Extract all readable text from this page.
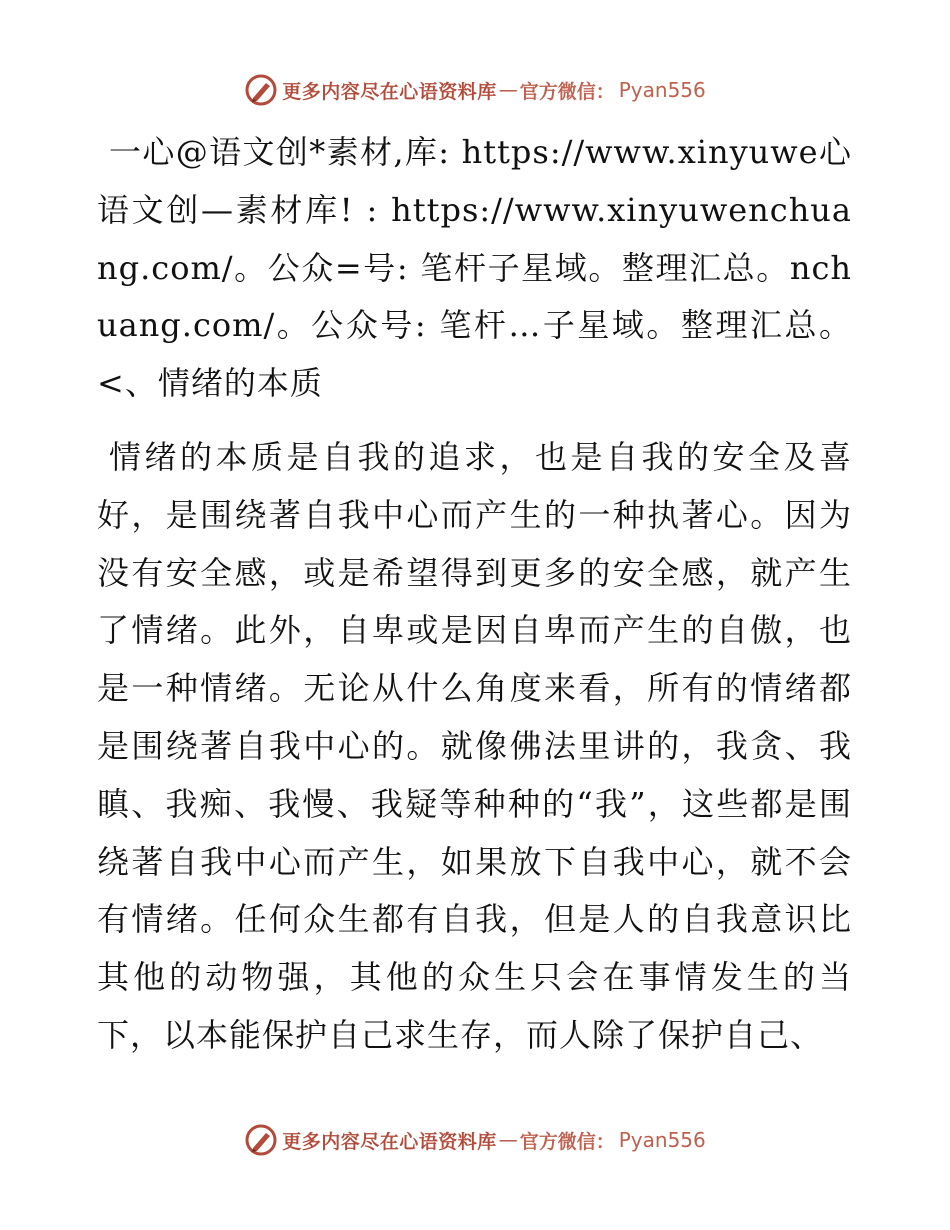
更多内容尽在心语资料库 — 官方微信： Pyan556

一心@语文创*素材,库: https://www.xinyuwe心语文创—素材库! : https://www.xinyuwenchuang.com/。公众=号: 笔杆子星域。整理汇总。nchuang.com/。公众号: 笔杆…子星域。整理汇总。<、情绪的本质

情绪的本质是自我的追求，也是自我的安全及喜好，是围绕著自我中心而产生的一种执著心。因为没有安全感，或是希望得到更多的安全感，就产生了情绪。此外，自卑或是因自卑而产生的自傲，也是一种情绪。无论从什么角度来看，所有的情绪都是围绕著自我中心的。就像佛法里讲的，我贪、我瞋、我痴、我慢、我疑等种种的“我”，这些都是围绕著自我中心而产生，如果放下自我中心，就不会有情绪。任何众生都有自我，但是人的自我意识比其他的动物强，其他的众生只会在事情发生的当下，以本能保护自己求生存，而人除了保护自己、

更多内容尽在心语资料库 — 官方微信： Pyan556
